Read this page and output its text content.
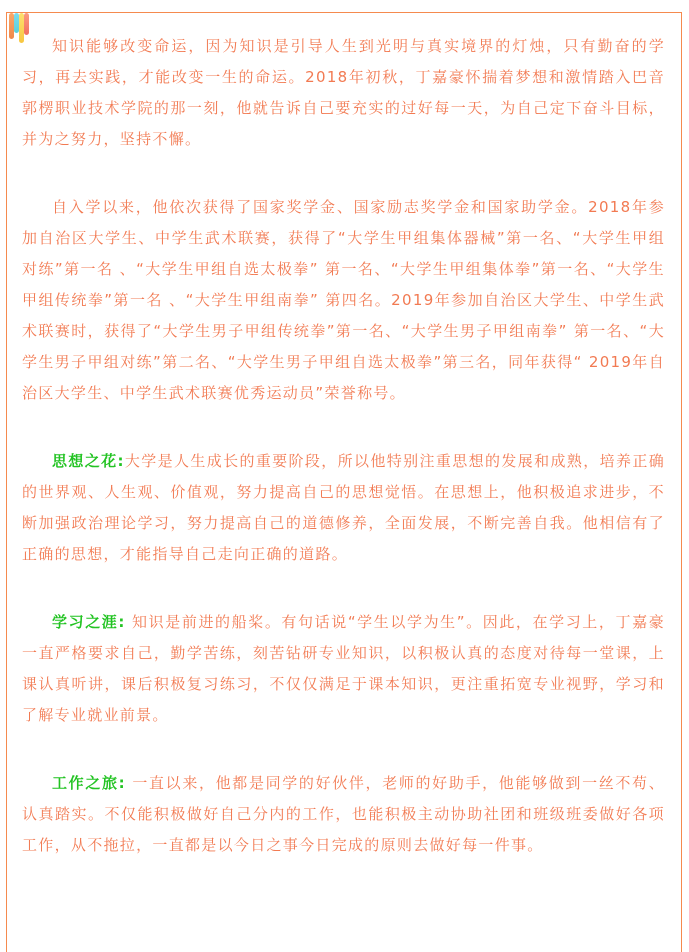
知识能够改变命运，因为知识是引导人生到光明与真实境界的灯烛，只有勤奋的学习，再去实践，才能改变一生的命运。2018年初秋，丁嘉豪怀揣着梦想和激情踏入巴音郭楞职业技术学院的那一刻，他就告诉自己要充实的过好每一天，为自己定下奋斗目标，并为之努力，坚持不懈。

自入学以来，他依次获得了国家奖学金、国家励志奖学金和国家助学金。2018年参加自治区大学生、中学生武术联赛，获得了“大学生甲组集体器械”第一名、“大学生甲组对练”第一名 、“大学生甲组自选太极拳” 第一名、“大学生甲组集体拳”第一名、“大学生甲组传统拳”第一名 、“大学生甲组南拳” 第四名。2019年参加自治区大学生、中学生武术联赛时，获得了“大学生男子甲组传统拳”第一名、“大学生男子甲组南拳” 第一名、“大学生男子甲组对练”第二名、“大学生男子甲组自选太极拳”第三名，同年获得“ 2019年自治区大学生、中学生武术联赛优秀运动员”荣誉称号。

思想之花:大学是人生成长的重要阶段，所以他特别注重思想的发展和成熟，培养正确的世界观、人生观、价值观，努力提高自己的思想觉悟。在思想上，他积极追求进步，不断加强政治理论学习，努力提高自己的道德修养，全面发展，不断完善自我。他相信有了正确的思想，才能指导自己走向正确的道路。

学习之涯: 知识是前进的船桨。有句话说“学生以学为生”。因此，在学习上，丁嘉豪一直严格要求自己，勤学苦练，刻苦钻研专业知识，以积极认真的态度对待每一堂课，上课认真听讲，课后积极复习练习，不仅仅满足于课本知识，更注重拓宽专业视野，学习和了解专业就业前景。

工作之旅: 一直以来，他都是同学的好伙伴，老师的好助手，他能够做到一丝不苟、认真踏实。不仅能积极做好自己分内的工作，也能积极主动协助社团和班级班委做好各项工作，从不拖拉，一直都是以今日之事今日完成的原则去做好每一件事。
